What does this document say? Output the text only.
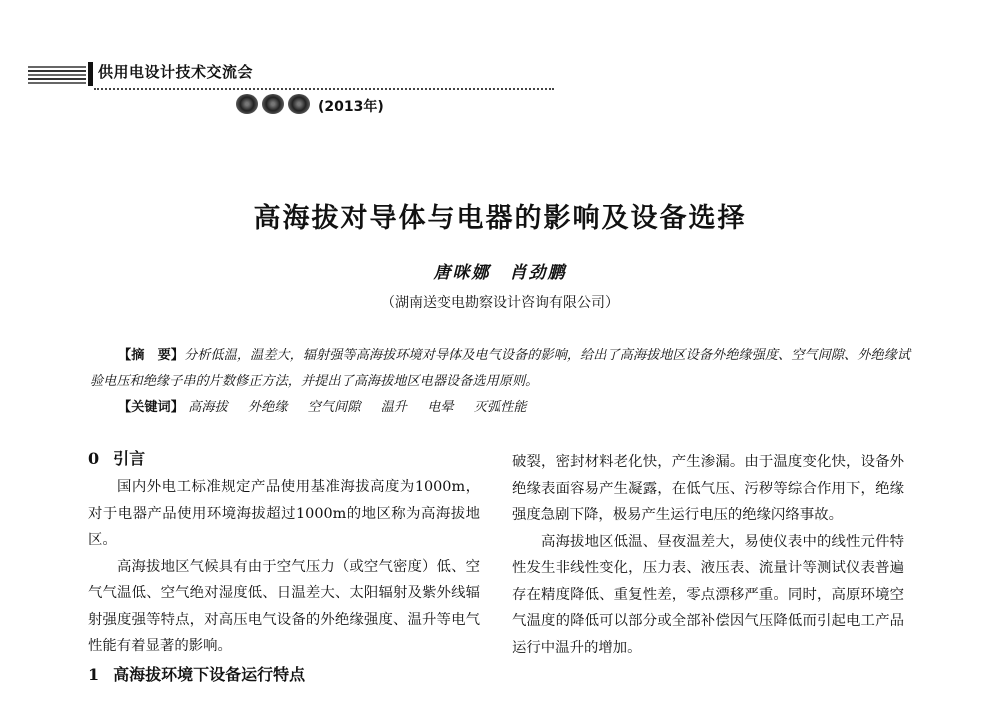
供用电设计技术交流会
(2013年)
高海拔对导体与电器的影响及设备选择
唐咪娜　肖劲鹏
（湖南送变电勘察设计咨询有限公司）

【摘　要】分析低温，温差大，辐射强等高海拔环境对导体及电气设备的影响，给出了高海拔地区设备外绝缘强度、空气间隙、外绝缘试验电压和绝缘子串的片数修正方法，并提出了高海拔地区电器设备选用原则。

【关键词】 高海拔 外绝缘 空气间隙 温升 电晕 灭弧性能
0 引言

国内外电工标准规定产品使用基准海拔高度为1000m，对于电器产品使用环境海拔超过1000m的地区称为高海拔地区。

高海拔地区气候具有由于空气压力（或空气密度）低、空气气温低、空气绝对湿度低、日温差大、太阳辐射及紫外线辐射强度强等特点，对高压电气设备的外绝缘强度、温升等电气性能有着显著的影响。

1 高海拔环境下设备运行特点

破裂，密封材料老化快，产生渗漏。由于温度变化快，设备外绝缘表面容易产生凝露，在低气压、污秽等综合作用下，绝缘强度急剧下降，极易产生运行电压的绝缘闪络事故。

高海拔地区低温、昼夜温差大，易使仪表中的线性元件特性发生非线性变化，压力表、液压表、流量计等测试仪表普遍存在精度降低、重复性差，零点漂移严重。同时，高原环境空气温度的降低可以部分或全部补偿因气压降低而引起电工产品运行中温升的增加。
